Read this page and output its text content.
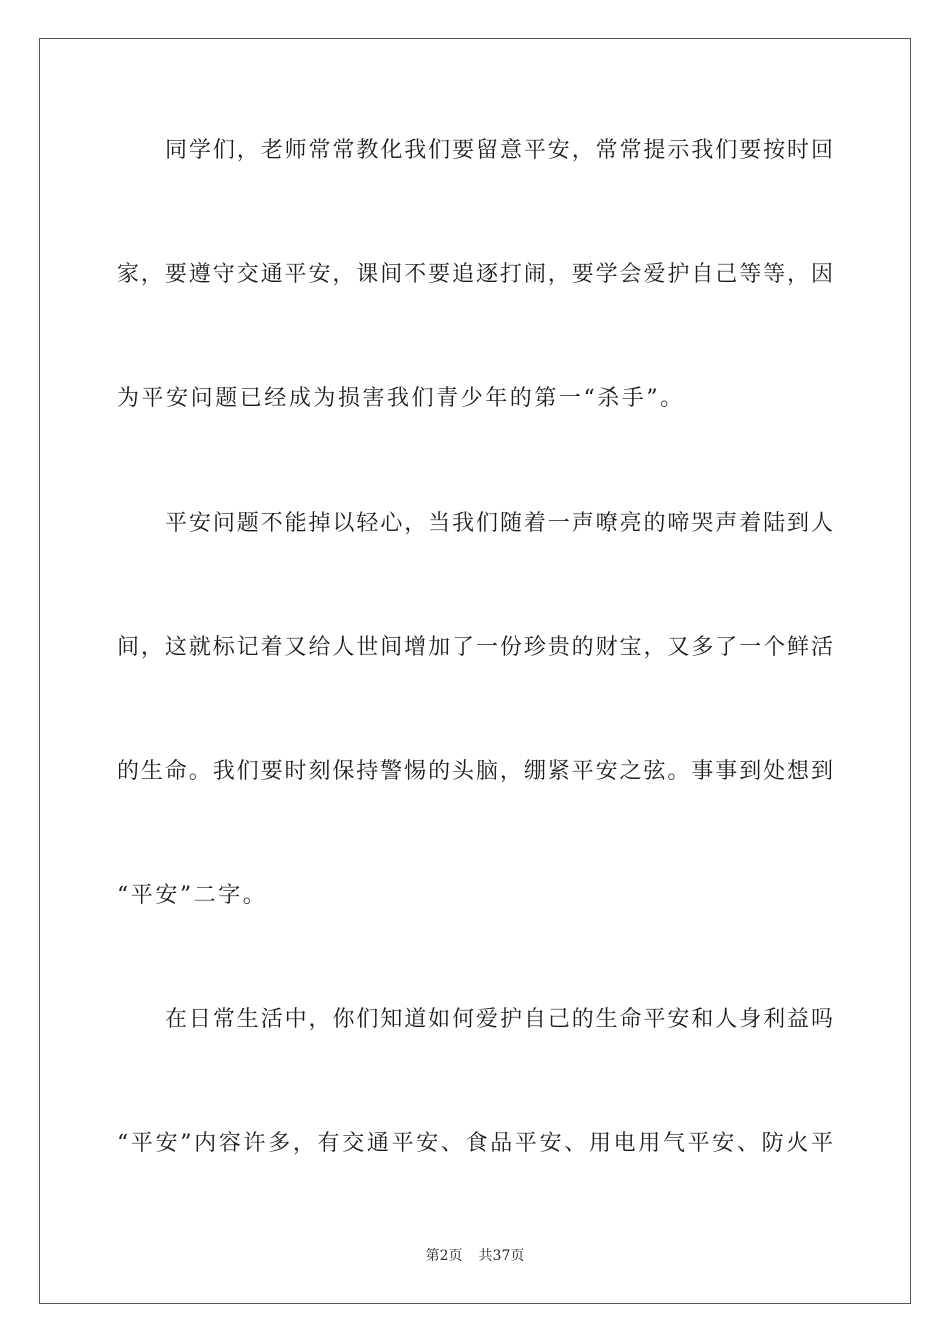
同学们，老师常常教化我们要留意平安，常常提示我们要按时回
家，要遵守交通平安，课间不要追逐打闹，要学会爱护自己等等，因
为平安问题已经成为损害我们青少年的第一“杀手”。
平安问题不能掉以轻心，当我们随着一声嘹亮的啼哭声着陆到人
间，这就标记着又给人世间增加了一份珍贵的财宝，又多了一个鲜活
的生命。我们要时刻保持警惕的头脑，绷紧平安之弦。事事到处想到
“平安”二字。
在日常生活中，你们知道如何爱护自己的生命平安和人身利益吗
“平安”内容许多，有交通平安、食品平安、用电用气平安、防火平
第2页 共37页
